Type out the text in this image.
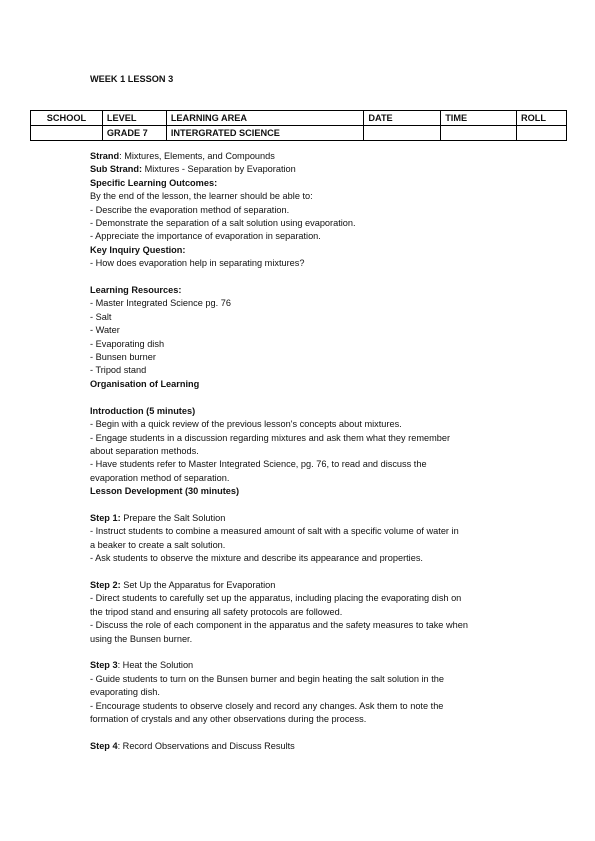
WEEK 1 LESSON 3
SCHOOL	LEVEL	LEARNING AREA	DATE	TIME	ROLL
	GRADE 7	INTERGRATED SCIENCE			

Strand: Mixtures, Elements, and Compounds

Sub Strand: Mixtures - Separation by Evaporation

Specific Learning Outcomes:

By the end of the lesson, the learner should be able to:

- Describe the evaporation method of separation.

- Demonstrate the separation of a salt solution using evaporation.

- Appreciate the importance of evaporation in separation.

Key Inquiry Question:

- How does evaporation help in separating mixtures?

Learning Resources:

- Master Integrated Science pg. 76

- Salt

- Water

- Evaporating dish

- Bunsen burner

- Tripod stand

Organisation of Learning

Introduction (5 minutes)

- Begin with a quick review of the previous lesson's concepts about mixtures.

- Engage students in a discussion regarding mixtures and ask them what they remember

about separation methods.

- Have students refer to Master Integrated Science, pg. 76, to read and discuss the

evaporation method of separation.

Lesson Development (30 minutes)

Step 1: Prepare the Salt Solution

- Instruct students to combine a measured amount of salt with a specific volume of water in

a beaker to create a salt solution.

- Ask students to observe the mixture and describe its appearance and properties.

Step 2: Set Up the Apparatus for Evaporation

- Direct students to carefully set up the apparatus, including placing the evaporating dish on

the tripod stand and ensuring all safety protocols are followed.

- Discuss the role of each component in the apparatus and the safety measures to take when

using the Bunsen burner.

Step 3: Heat the Solution

- Guide students to turn on the Bunsen burner and begin heating the salt solution in the

evaporating dish.

- Encourage students to observe closely and record any changes. Ask them to note the

formation of crystals and any other observations during the process.

Step 4: Record Observations and Discuss Results
